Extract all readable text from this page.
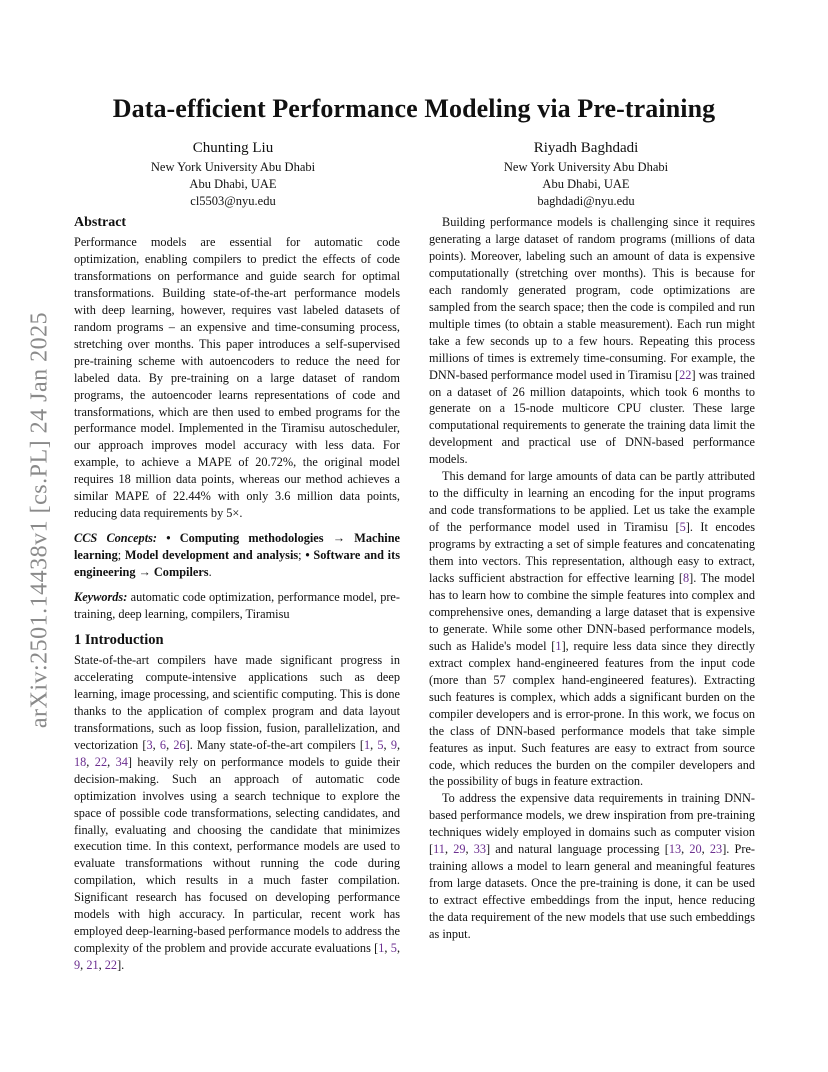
arXiv:2501.14438v1 [cs.PL] 24 Jan 2025
Data-efficient Performance Modeling via Pre-training
Chunting Liu
New York University Abu Dhabi
Abu Dhabi, UAE
cl5503@nyu.edu
Riyadh Baghdadi
New York University Abu Dhabi
Abu Dhabi, UAE
baghdadi@nyu.edu
Abstract

Performance models are essential for automatic code optimization, enabling compilers to predict the effects of code transformations on performance and guide search for optimal transformations. Building state-of-the-art performance models with deep learning, however, requires vast labeled datasets of random programs – an expensive and time-consuming process, stretching over months. This paper introduces a self-supervised pre-training scheme with autoencoders to reduce the need for labeled data. By pre-training on a large dataset of random programs, the autoencoder learns representations of code and transformations, which are then used to embed programs for the performance model. Implemented in the Tiramisu autoscheduler, our approach improves model accuracy with less data. For example, to achieve a MAPE of 20.72%, the original model requires 18 million data points, whereas our method achieves a similar MAPE of 22.44% with only 3.6 million data points, reducing data requirements by 5×.

CCS Concepts: • Computing methodologies → Machine learning; Model development and analysis; • Software and its engineering → Compilers.

Keywords: automatic code optimization, performance model, pre-training, deep learning, compilers, Tiramisu

1 Introduction

State-of-the-art compilers have made significant progress in accelerating compute-intensive applications such as deep learning, image processing, and scientific computing. This is done thanks to the application of complex program and data layout transformations, such as loop fission, fusion, parallelization, and vectorization [3, 6, 26]. Many state-of-the-art compilers [1, 5, 9, 18, 22, 34] heavily rely on performance models to guide their decision-making. Such an approach of automatic code optimization involves using a search technique to explore the space of possible code transformations, selecting candidates, and finally, evaluating and choosing the candidate that minimizes execution time. In this context, performance models are used to evaluate transformations without running the code during compilation, which results in a much faster compilation. Significant research has focused on developing performance models with high accuracy. In particular, recent work has employed deep-learning-based performance models to address the complexity of the problem and provide accurate evaluations [1, 5, 9, 21, 22].

Building performance models is challenging since it requires generating a large dataset of random programs (millions of data points). Moreover, labeling such an amount of data is expensive computationally (stretching over months). This is because for each randomly generated program, code optimizations are sampled from the search space; then the code is compiled and run multiple times (to obtain a stable measurement). Each run might take a few seconds up to a few hours. Repeating this process millions of times is extremely time-consuming. For example, the DNN-based performance model used in Tiramisu [22] was trained on a dataset of 26 million datapoints, which took 6 months to generate on a 15-node multicore CPU cluster. These large computational requirements to generate the training data limit the development and practical use of DNN-based performance models.

This demand for large amounts of data can be partly attributed to the difficulty in learning an encoding for the input programs and code transformations to be applied. Let us take the example of the performance model used in Tiramisu [5]. It encodes programs by extracting a set of simple features and concatenating them into vectors. This representation, although easy to extract, lacks sufficient abstraction for effective learning [8]. The model has to learn how to combine the simple features into complex and comprehensive ones, demanding a large dataset that is expensive to generate. While some other DNN-based performance models, such as Halide's model [1], require less data since they directly extract complex hand-engineered features from the input code (more than 57 complex hand-engineered features). Extracting such features is complex, which adds a significant burden on the compiler developers and is error-prone. In this work, we focus on the class of DNN-based performance models that take simple features as input. Such features are easy to extract from source code, which reduces the burden on the compiler developers and the possibility of bugs in feature extraction.

To address the expensive data requirements in training DNN-based performance models, we drew inspiration from pre-training techniques widely employed in domains such as computer vision [11, 29, 33] and natural language processing [13, 20, 23]. Pre-training allows a model to learn general and meaningful features from large datasets. Once the pre-training is done, it can be used to extract effective embeddings from the input, hence reducing the data requirement of the new models that use such embeddings as input.
